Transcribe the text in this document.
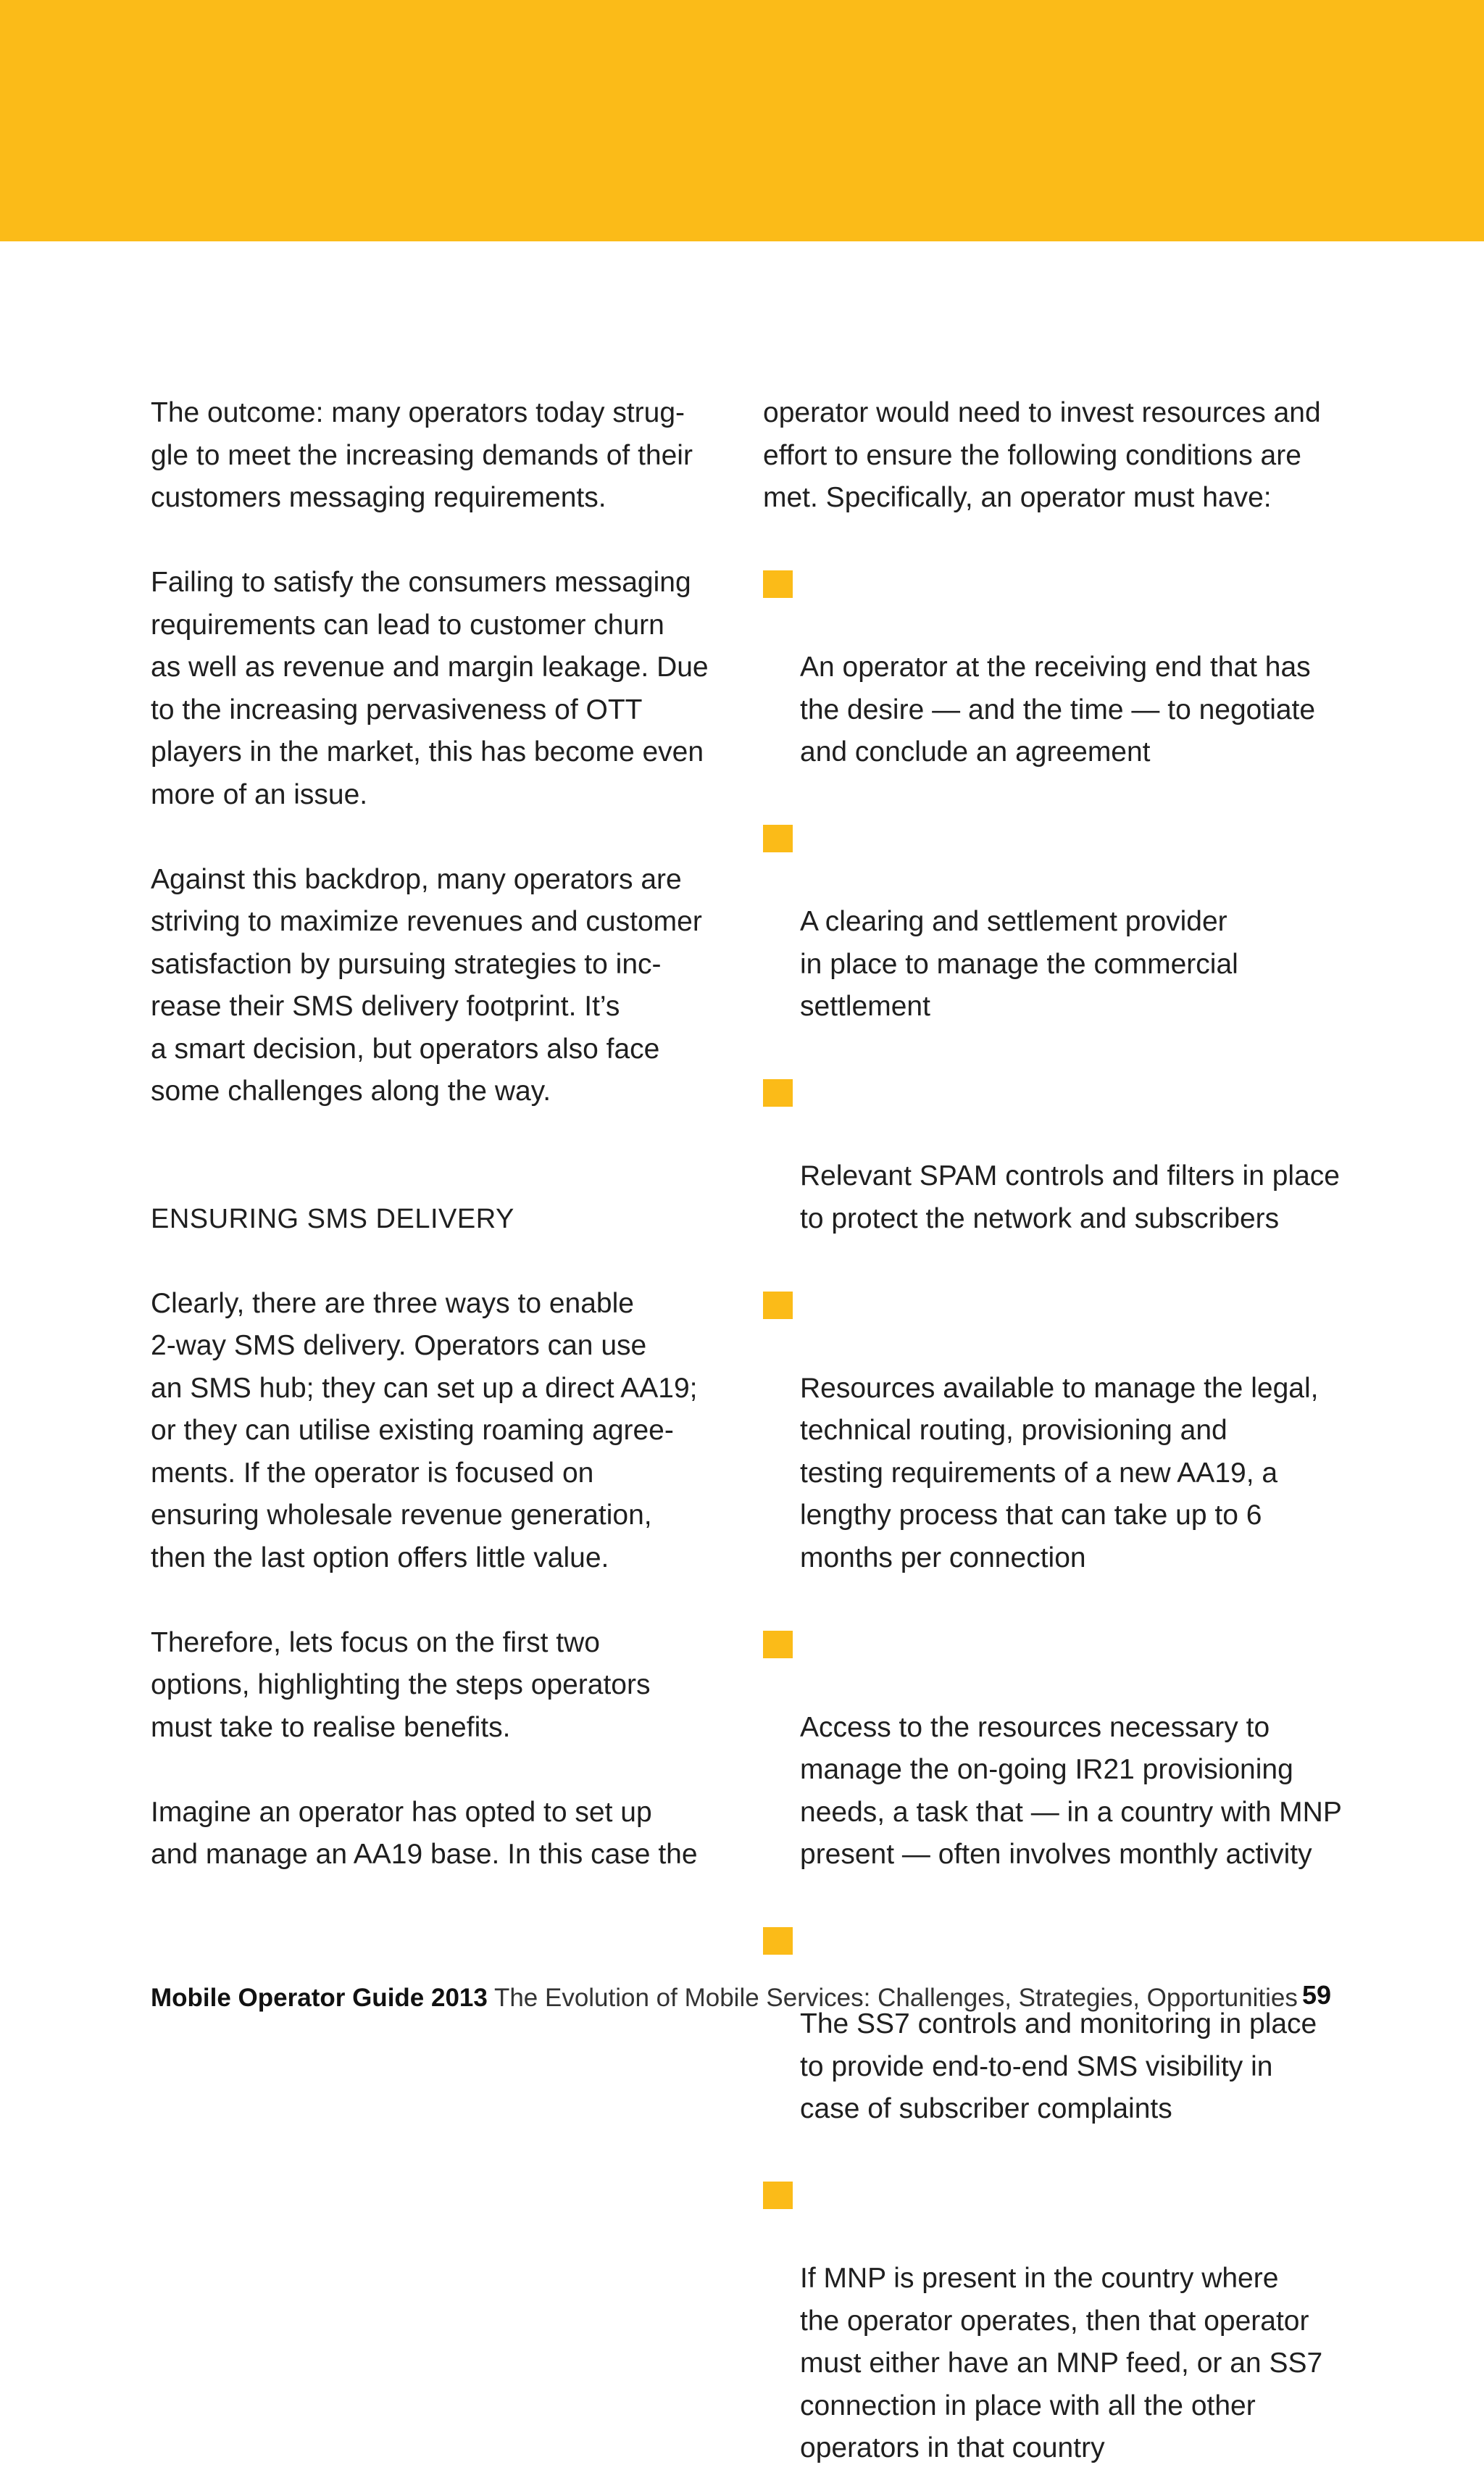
The outcome: many operators today strug-
gle to meet the increasing demands of their
customers messaging requirements.

Failing to satisfy the consumers messaging
requirements can lead to customer churn
as well as revenue and margin leakage. Due
to the increasing pervasiveness of OTT
players in the market, this has become even
more of an issue.

Against this backdrop, many operators are
striving to maximize revenues and customer
satisfaction by pursuing strategies to inc-
rease their SMS delivery footprint. It’s
a smart decision, but operators also face
some challenges along the way.

ENSURING SMS DELIVERY

Clearly, there are three ways to enable
2-way SMS delivery. Operators can use
an SMS hub; they can set up a direct AA19;
or they can utilise existing roaming agree-
ments. If the operator is focused on
ensuring wholesale revenue generation,
then the last option offers little value.

Therefore, lets focus on the first two
options, highlighting the steps operators
must take to realise benefits.

Imagine an operator has opted to set up
and manage an AA19 base. In this case the

operator would need to invest resources and
effort to ensure the following conditions are
met. Specifically, an operator must have:

An operator at the receiving end that has
the desire — and the time — to negotiate
and conclude an agreement

A clearing and settlement provider
in place to manage the commercial
settlement

Relevant SPAM controls and filters in place
to protect the network and subscribers

Resources available to manage the legal,
technical routing, provisioning and
testing requirements of a new AA19, a
lengthy process that can take up to 6
months per connection

Access to the resources necessary to
manage the on-going IR21 provisioning
needs, a task that — in a country with MNP
present — often involves monthly activity

The SS7 controls and monitoring in place
to provide end-to-end SMS visibility in
case of subscriber complaints

If MNP is present in the country where
the operator operates, then that operator
must either have an MNP feed, or an SS7
connection in place with all the other
operators in that country

Mobile Operator Guide 2013 The Evolution of Mobile Services: Challenges, Strategies, Opportunities 59
